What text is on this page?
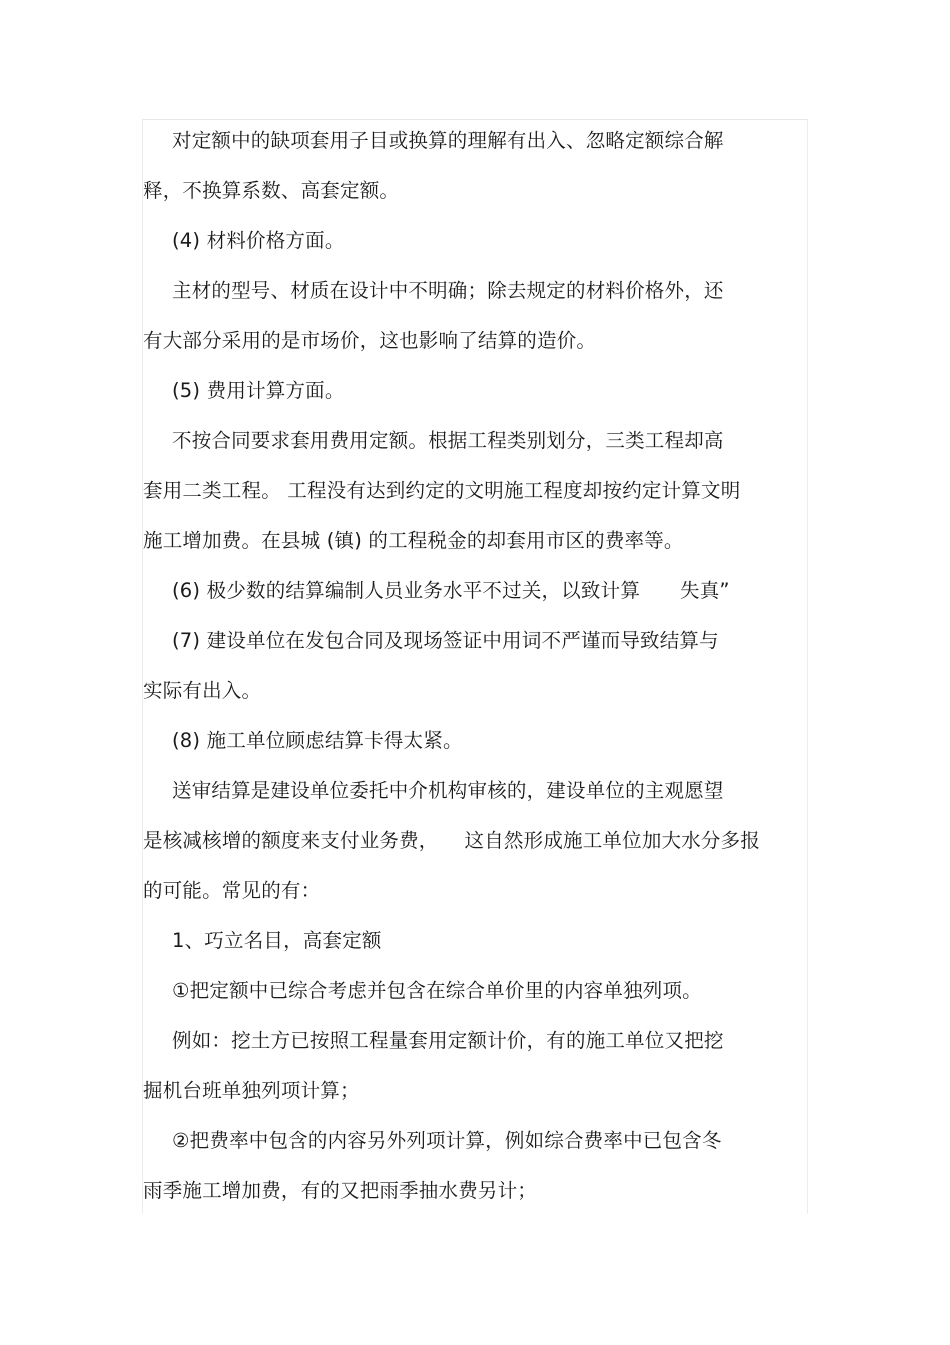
对定额中的缺项套用子目或换算的理解有出入、忽略定额综合解
释，不换算系数、高套定额。
(4) 材料价格方面。
主材的型号、材质在设计中不明确；除去规定的材料价格外，还
有大部分采用的是市场价，这也影响了结算的造价。
(5) 费用计算方面。
不按合同要求套用费用定额。根据工程类别划分，三类工程却高
套用二类工程。 工程没有达到约定的文明施工程度却按约定计算文明
施工增加费。在县城 (镇) 的工程税金的却套用市区的费率等。
(6) 极少数的结算编制人员业务水平不过关，以致计算 失真”
(7) 建设单位在发包合同及现场签证中用词不严谨而导致结算与
实际有出入。
(8) 施工单位顾虑结算卡得太紧。
送审结算是建设单位委托中介机构审核的，建设单位的主观愿望
是核减核增的额度来支付业务费， 这自然形成施工单位加大水分多报
的可能。常见的有：
1、巧立名目，高套定额
①把定额中已综合考虑并包含在综合单价里的内容单独列项。
例如：挖土方已按照工程量套用定额计价，有的施工单位又把挖
掘机台班单独列项计算；
②把费率中包含的内容另外列项计算，例如综合费率中已包含冬
雨季施工增加费，有的又把雨季抽水费另计；
